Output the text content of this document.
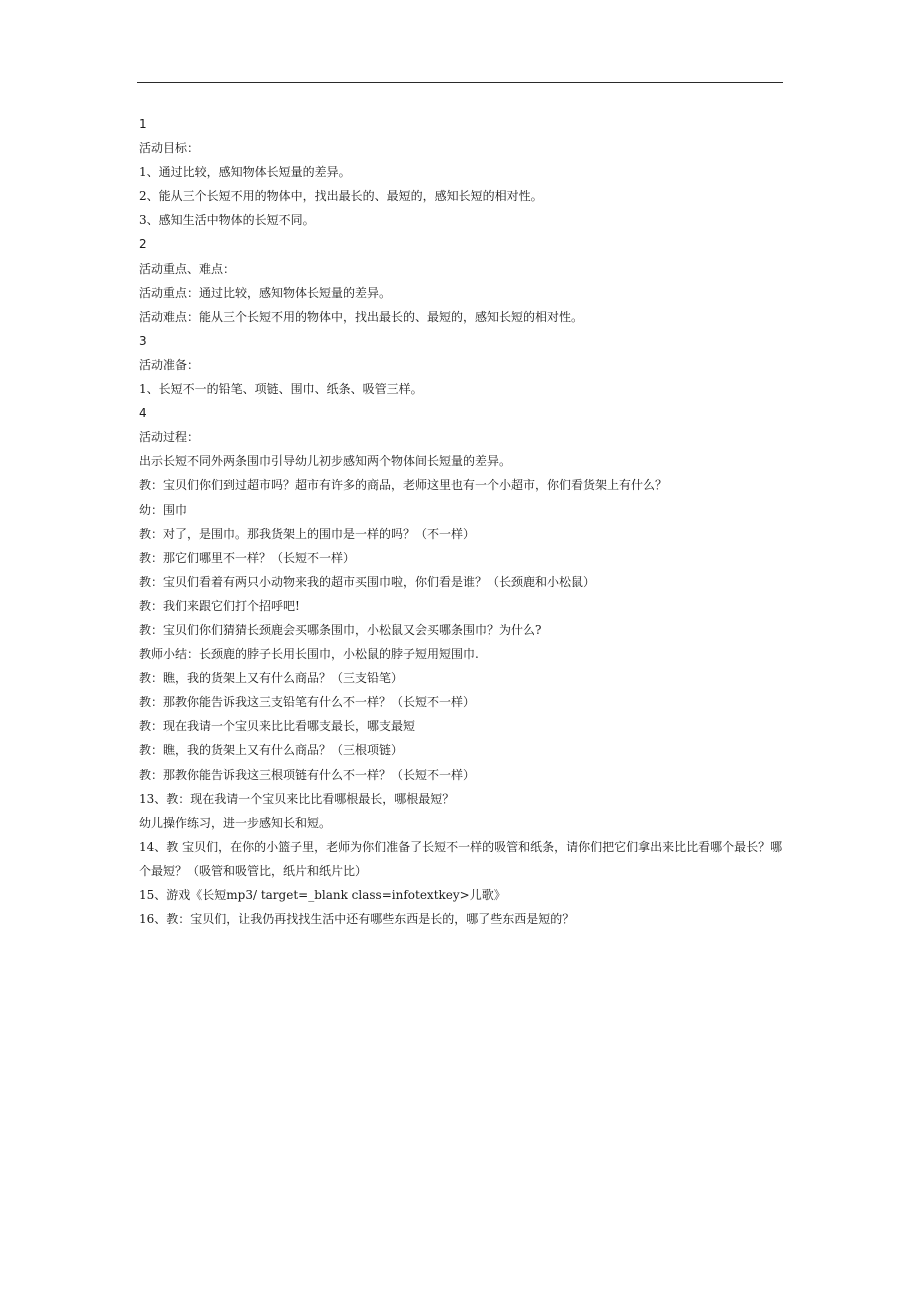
1
活动目标：
1、通过比较，感知物体长短量的差异。
2、能从三个长短不用的物体中，找出最长的、最短的，感知长短的相对性。
3、感知生活中物体的长短不同。
2
活动重点、难点：
活动重点：通过比较，感知物体长短量的差异。
活动难点：能从三个长短不用的物体中，找出最长的、最短的，感知长短的相对性。
3
活动准备：
1、长短不一的铅笔、项链、围巾、纸条、吸管三样。
4
活动过程：
出示长短不同外两条围巾引导幼儿初步感知两个物体间长短量的差异。
教：宝贝们你们到过超市吗？超市有许多的商品，老师这里也有一个小超市，你们看货架上有什么？
幼：围巾
教：对了，是围巾。那我货架上的围巾是一样的吗？（不一样）
教：那它们哪里不一样？（长短不一样）
教：宝贝们看着有两只小动物来我的超市买围巾啦，你们看是谁？（长颈鹿和小松鼠）
教：我们来跟它们打个招呼吧!
教：宝贝们你们猜猜长颈鹿会买哪条围巾，小松鼠又会买哪条围巾？为什么?
教师小结：长颈鹿的脖子长用长围巾，小松鼠的脖子短用短围巾.
教：瞧，我的货架上又有什么商品？（三支铅笔）
教：那教你能告诉我这三支铅笔有什么不一样？（长短不一样）
教：现在我请一个宝贝来比比看哪支最长，哪支最短
教：瞧，我的货架上又有什么商品？（三根项链）
教：那教你能告诉我这三根项链有什么不一样？（长短不一样）
13、教：现在我请一个宝贝来比比看哪根最长，哪根最短？
幼儿操作练习，进一步感知长和短。
14、教 宝贝们，在你的小篮子里，老师为你们准备了长短不一样的吸管和纸条，请你们把它们拿出来比比看哪个最长？哪个最短？（吸管和吸管比，纸片和纸片比）
15、游戏《长短mp3/ target=_blank class=infotextkey>儿歌》
16、教：宝贝们，让我仍再找找生活中还有哪些东西是长的，哪了些东西是短的？
